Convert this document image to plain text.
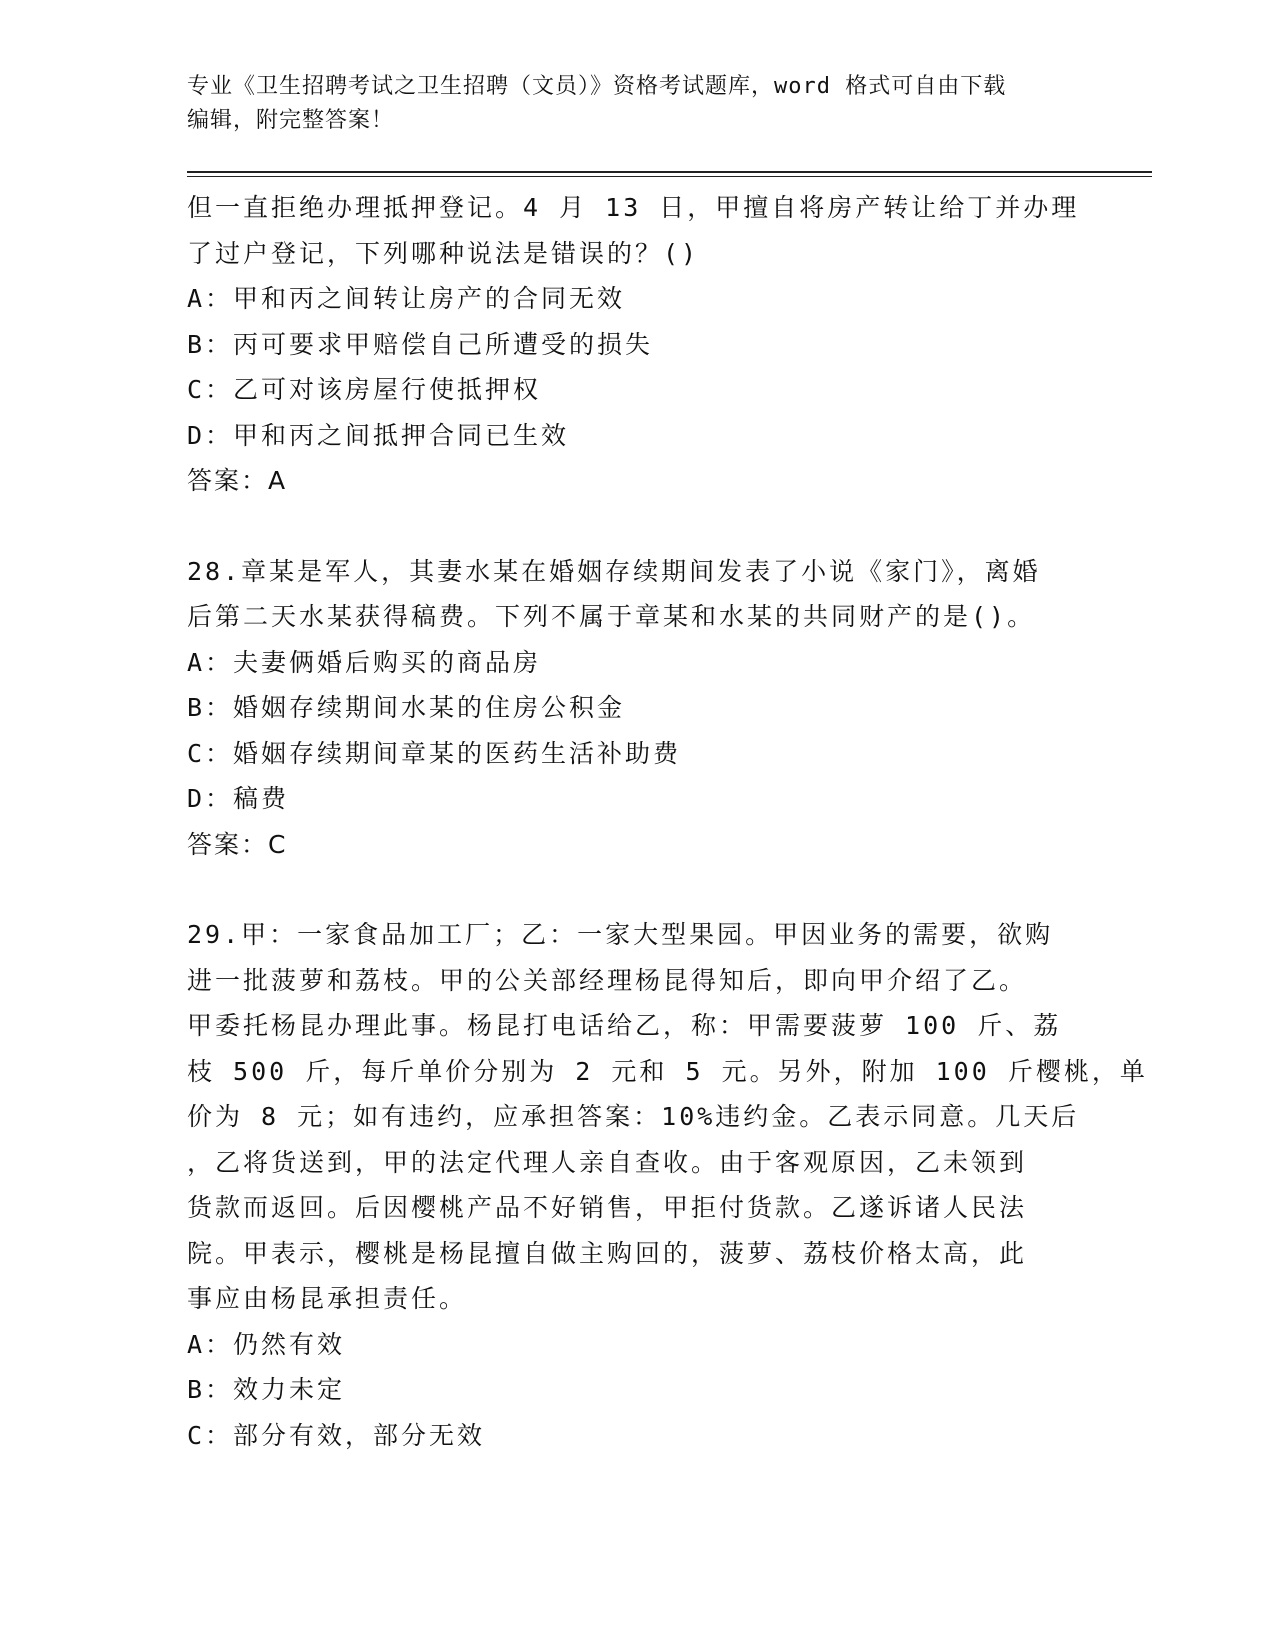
专业《卫生招聘考试之卫生招聘（文员）》资格考试题库，word 格式可自由下载
编辑，附完整答案！
但一直拒绝办理抵押登记。4 月 13 日，甲擅自将房产转让给丁并办理
了过户登记，下列哪种说法是错误的？()
A：甲和丙之间转让房产的合同无效
B：丙可要求甲赔偿自己所遭受的损失
C：乙可对该房屋行使抵押权
D：甲和丙之间抵押合同已生效
答案：A
28.章某是军人，其妻水某在婚姻存续期间发表了小说《家门》，离婚
后第二天水某获得稿费。下列不属于章某和水某的共同财产的是()。
A：夫妻俩婚后购买的商品房
B：婚姻存续期间水某的住房公积金
C：婚姻存续期间章某的医药生活补助费
D：稿费
答案：C
29.甲：一家食品加工厂；乙：一家大型果园。甲因业务的需要，欲购
进一批菠萝和荔枝。甲的公关部经理杨昆得知后，即向甲介绍了乙。
甲委托杨昆办理此事。杨昆打电话给乙，称：甲需要菠萝 100 斤、荔
枝 500 斤，每斤单价分别为 2 元和 5 元。另外，附加 100 斤樱桃，单
价为 8 元；如有违约，应承担答案：10%违约金。乙表示同意。几天后
，乙将货送到，甲的法定代理人亲自查收。由于客观原因，乙未领到
货款而返回。后因樱桃产品不好销售，甲拒付货款。乙遂诉诸人民法
院。甲表示，樱桃是杨昆擅自做主购回的，菠萝、荔枝价格太高，此
事应由杨昆承担责任。
A：仍然有效
B：效力未定
C：部分有效，部分无效
